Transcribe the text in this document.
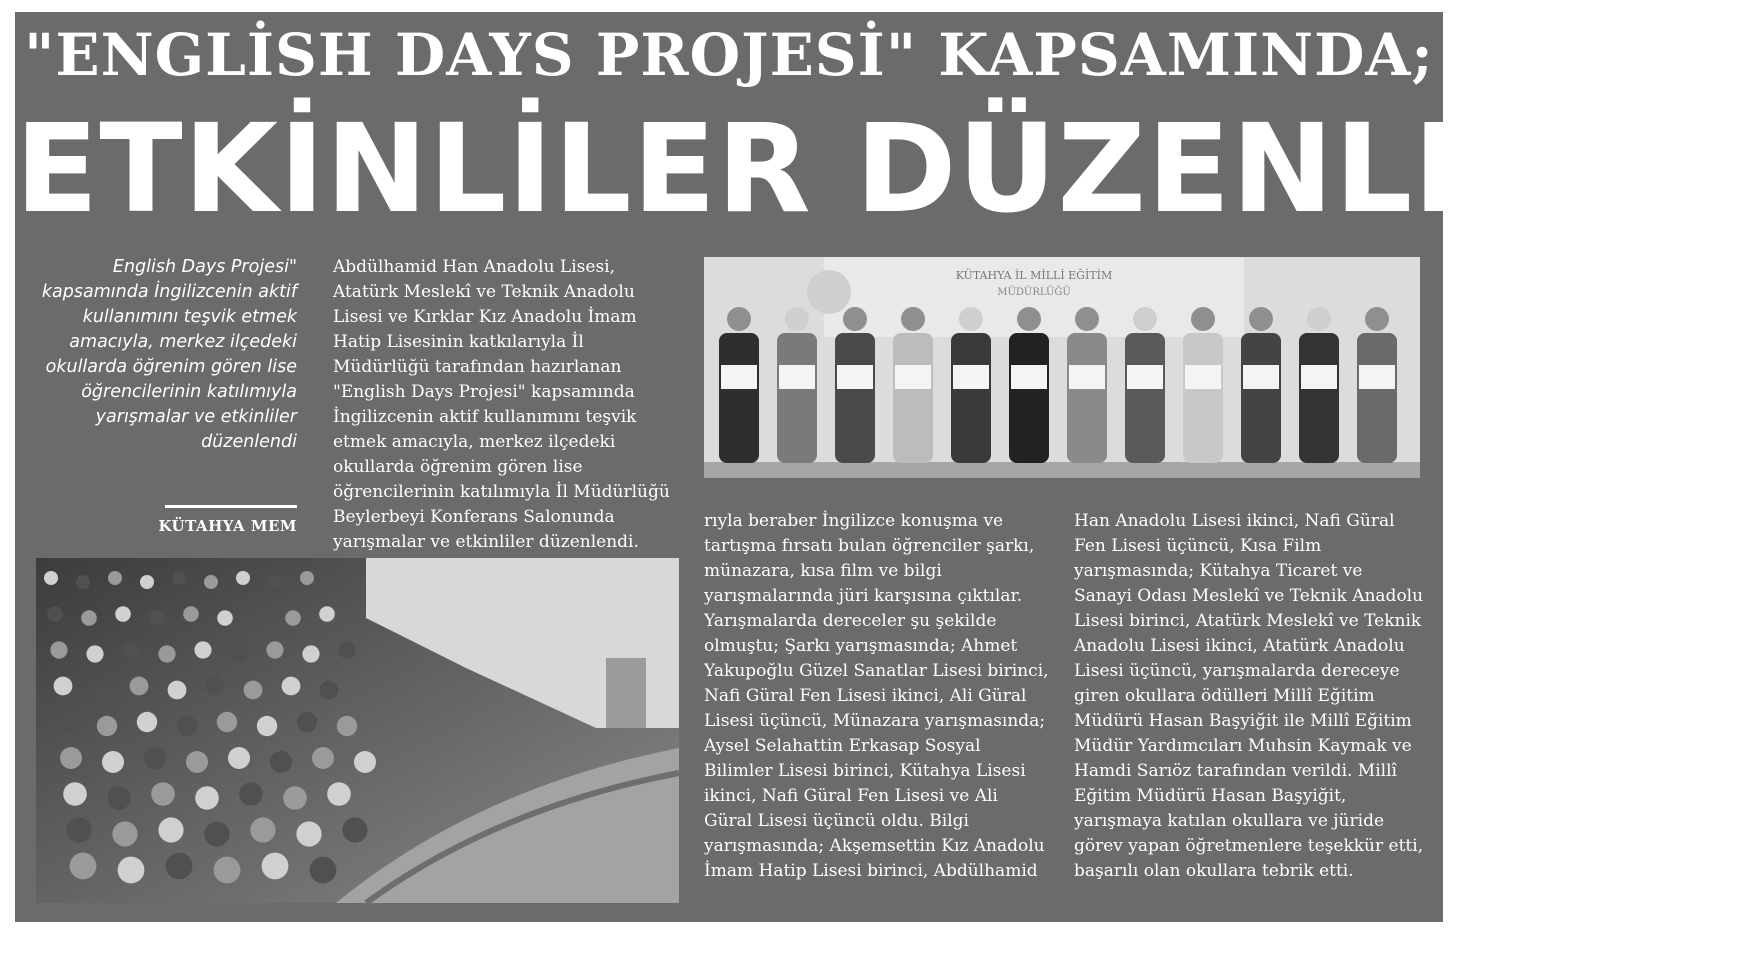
"ENGLİSH DAYS PROJESİ" KAPSAMINDA;
ETKİNLİLER DÜZENLENDİ
English Days Projesi" kapsamında İngilizcenin aktif kullanımını teşvik etmek amacıyla, merkez ilçedeki okullarda öğrenim gören lise öğrencilerinin katılımıyla yarışmalar ve etkinliler düzenlendi
KÜTAHYA MEM

Abdülhamid Han Anadolu Lisesi, Atatürk Meslekî ve Teknik Anadolu Lisesi ve Kırklar Kız Anadolu İmam Hatip Lisesinin katkılarıyla İl Müdürlüğü tarafından hazırlanan "English Days Projesi" kapsamında İngilizcenin aktif kullanımını teşvik etmek amacıyla, merkez ilçedeki okullarda öğrenim gören lise öğrencilerinin katılımıyla İl Müdürlüğü Beylerbeyi Konferans Salonunda yarışmalar ve etkinliler düzenlendi.

KÜTAHYA İL MİLLİ EĞİTİM
MÜDÜRLÜĞÜ

rıyla beraber İngilizce konuşma ve tartışma fırsatı bulan öğrenciler şarkı, münazara, kısa film ve bilgi yarışmalarında jüri karşısına çıktılar. Yarışmalarda dereceler şu şekilde olmuştu; Şarkı yarışmasında; Ahmet Yakupoğlu Güzel Sanatlar Lisesi birinci, Nafi Güral Fen Lisesi ikinci, Ali Güral Lisesi üçüncü, Münazara yarışmasında; Aysel Selahattin Erkasap Sosyal Bilimler Lisesi birinci, Kütahya Lisesi ikinci, Nafi Güral Fen Lisesi ve Ali Güral Lisesi üçüncü oldu. Bilgi yarışmasında; Akşemsettin Kız Anadolu İmam Hatip Lisesi birinci, Abdülhamid

Han Anadolu Lisesi ikinci, Nafi Güral Fen Lisesi üçüncü, Kısa Film yarışmasında; Kütahya Ticaret ve Sanayi Odası Meslekî ve Teknik Anadolu Lisesi birinci, Atatürk Meslekî ve Teknik Anadolu Lisesi ikinci, Atatürk Anadolu Lisesi üçüncü, yarışmalarda dereceye giren okullara ödülleri Millî Eğitim Müdürü Hasan Başyiğit ile Millî Eğitim Müdür Yardımcıları Muhsin Kaymak ve Hamdi Sarıöz tarafından verildi. Millî Eğitim Müdürü Hasan Başyiğit, yarışmaya katılan okullara ve jüride görev yapan öğretmenlere teşekkür etti, başarılı olan okullara tebrik etti.
